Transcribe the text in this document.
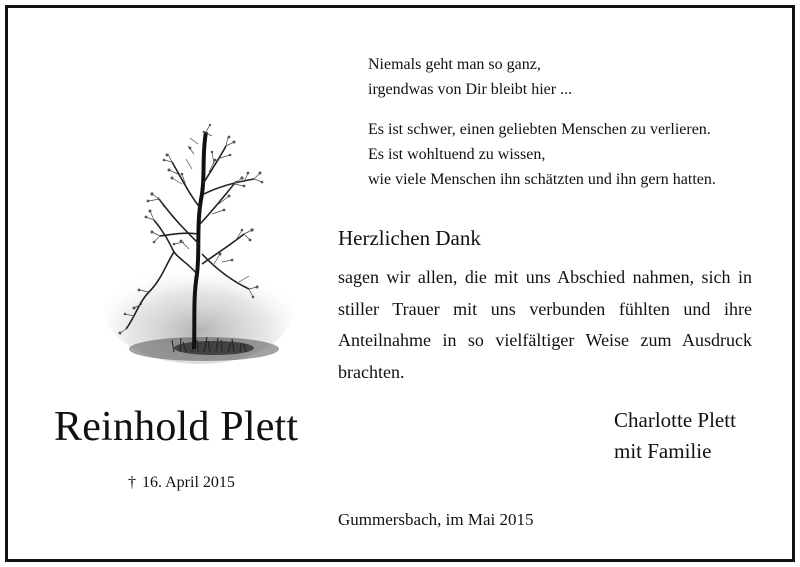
Niemals geht man so ganz,
irgendwas von Dir bleibt hier ...
Es ist schwer, einen geliebten Menschen zu verlieren.
Es ist wohltuend zu wissen,
wie viele Menschen ihn schätzten und ihn gern hatten.
Herzlichen Dank
sagen wir allen, die mit uns Abschied nahmen, sich in stiller Trauer mit uns verbunden fühlten und ihre Anteilnahme in so vielfältiger Weise zum Ausdruck brachten.
Reinhold Plett
† 16. April 2015
Charlotte Plett
mit Familie
Gummersbach, im Mai 2015
